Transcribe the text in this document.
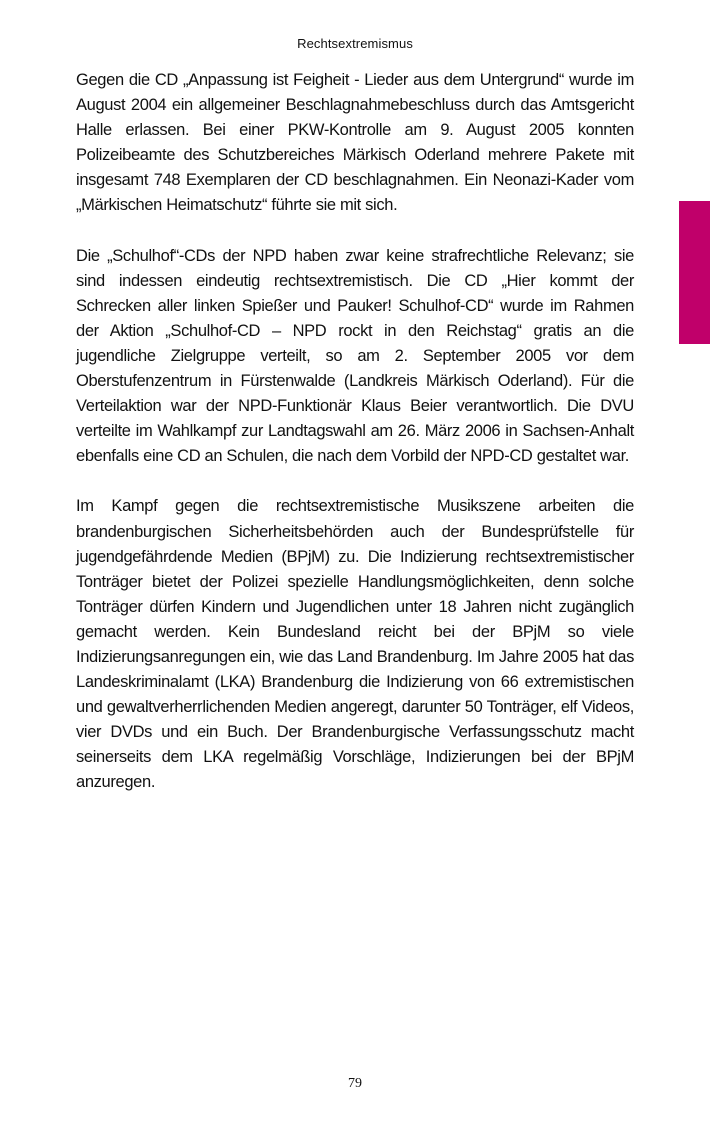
Rechtsextremismus

Gegen die CD „Anpassung ist Feigheit - Lieder aus dem Untergrund“ wurde im August 2004 ein allgemeiner Beschlagnahmebeschluss durch das Amtsgericht Halle erlassen. Bei einer PKW-Kontrolle am 9. August 2005 konnten Polizeibeamte des Schutzbereiches Märkisch Oderland mehrere Pakete mit insgesamt 748 Exemplaren der CD beschlagnahmen. Ein Neonazi-Kader vom „Märkischen Heimatschutz“ führte sie mit sich.

Die „Schulhof“-CDs der NPD haben zwar keine strafrechtliche Relevanz; sie sind indessen eindeutig rechtsextremistisch. Die CD „Hier kommt der Schrecken aller linken Spießer und Pauker! Schulhof-CD“ wurde im Rahmen der Aktion „Schulhof-CD – NPD rockt in den Reichstag“ gratis an die jugendliche Zielgruppe verteilt, so am 2. September 2005 vor dem Oberstufenzentrum in Fürstenwalde (Landkreis Märkisch Oderland). Für die Verteilaktion war der NPD-Funktionär Klaus Beier verantwortlich. Die DVU verteilte im Wahlkampf zur Landtagswahl am 26. März 2006 in Sachsen-Anhalt ebenfalls eine CD an Schulen, die nach dem Vorbild der NPD-CD gestaltet war.

Im Kampf gegen die rechtsextremistische Musikszene arbeiten die brandenburgischen Sicherheitsbehörden auch der Bundesprüfstelle für jugendgefährdende Medien (BPjM) zu. Die Indizierung rechtsextremistischer Tonträger bietet der Polizei spezielle Handlungsmöglichkeiten, denn solche Tonträger dürfen Kindern und Jugendlichen unter 18 Jahren nicht zugänglich gemacht werden. Kein Bundesland reicht bei der BPjM so viele Indizierungsanregungen ein, wie das Land Brandenburg. Im Jahre 2005 hat das Landeskriminalamt (LKA) Brandenburg die Indizierung von 66 extremistischen und gewaltverherrlichenden Medien angeregt, darunter 50 Tonträger, elf Videos, vier DVDs und ein Buch. Der Brandenburgische Verfassungsschutz macht seinerseits dem LKA regelmäßig Vorschläge, Indizierungen bei der BPjM anzuregen.

79
